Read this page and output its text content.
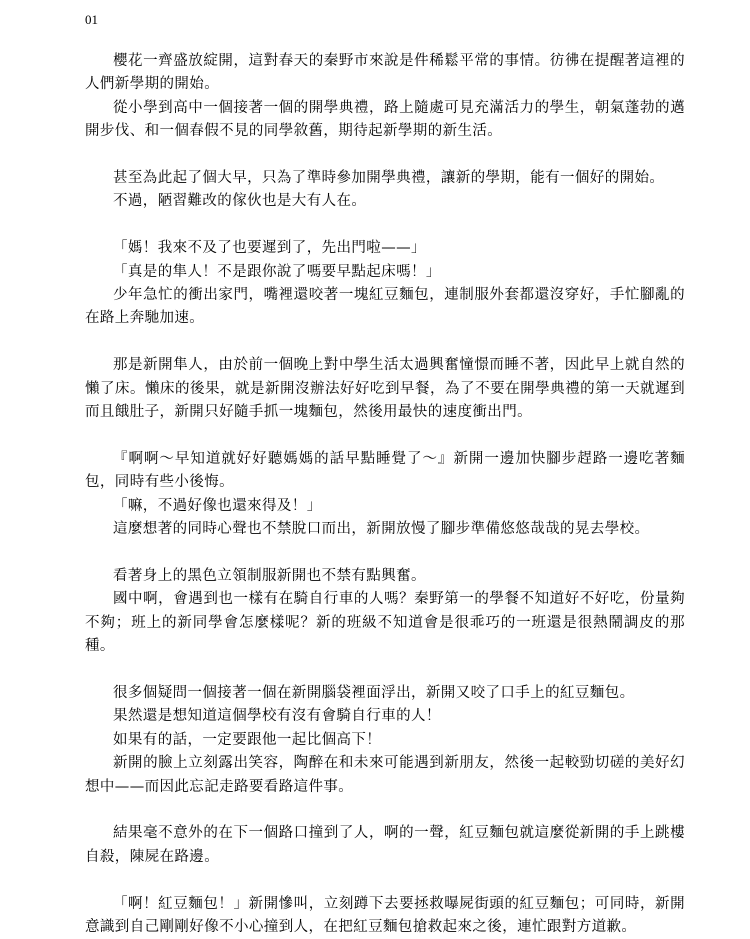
01

櫻花一齊盛放綻開，這對春天的秦野市來說是件稀鬆平常的事情。彷彿在提醒著這裡的人們新學期的開始。

從小學到高中一個接著一個的開學典禮，路上隨處可見充滿活力的學生，朝氣蓬勃的邁開步伐、和一個春假不見的同學敘舊，期待起新學期的新生活。

甚至為此起了個大早，只為了準時參加開學典禮，讓新的學期，能有一個好的開始。

不過，陋習難改的傢伙也是大有人在。

「媽！我來不及了也要遲到了，先出門啦——」

「真是的隼人！不是跟你說了嗎要早點起床嗎！」

少年急忙的衝出家門，嘴裡還咬著一塊紅豆麵包，連制服外套都還沒穿好，手忙腳亂的在路上奔馳加速。

那是新開隼人，由於前一個晚上對中學生活太過興奮憧憬而睡不著，因此早上就自然的懶了床。懶床的後果，就是新開沒辦法好好吃到早餐，為了不要在開學典禮的第一天就遲到而且餓肚子，新開只好隨手抓一塊麵包，然後用最快的速度衝出門。

『啊啊～早知道就好好聽媽媽的話早點睡覺了～』新開一邊加快腳步趕路一邊吃著麵包，同時有些小後悔。

「嘛，不過好像也還來得及！」

這麼想著的同時心聲也不禁脫口而出，新開放慢了腳步準備悠悠哉哉的晃去學校。

看著身上的黑色立領制服新開也不禁有點興奮。

國中啊，會遇到也一樣有在騎自行車的人嗎？秦野第一的學餐不知道好不好吃，份量夠不夠；班上的新同學會怎麼樣呢？新的班級不知道會是很乖巧的一班還是很熱鬧調皮的那種。

很多個疑問一個接著一個在新開腦袋裡面浮出，新開又咬了口手上的紅豆麵包。

果然還是想知道這個學校有沒有會騎自行車的人！

如果有的話，一定要跟他一起比個高下！

新開的臉上立刻露出笑容，陶醉在和未來可能遇到新朋友，然後一起較勁切磋的美好幻想中——而因此忘記走路要看路這件事。

結果毫不意外的在下一個路口撞到了人，啊的一聲，紅豆麵包就這麼從新開的手上跳樓自殺，陳屍在路邊。

「啊！紅豆麵包！」新開慘叫，立刻蹲下去要拯救曝屍街頭的紅豆麵包；可同時，新開意識到自己剛剛好像不小心撞到人，在把紅豆麵包搶救起來之後，連忙跟對方道歉。
